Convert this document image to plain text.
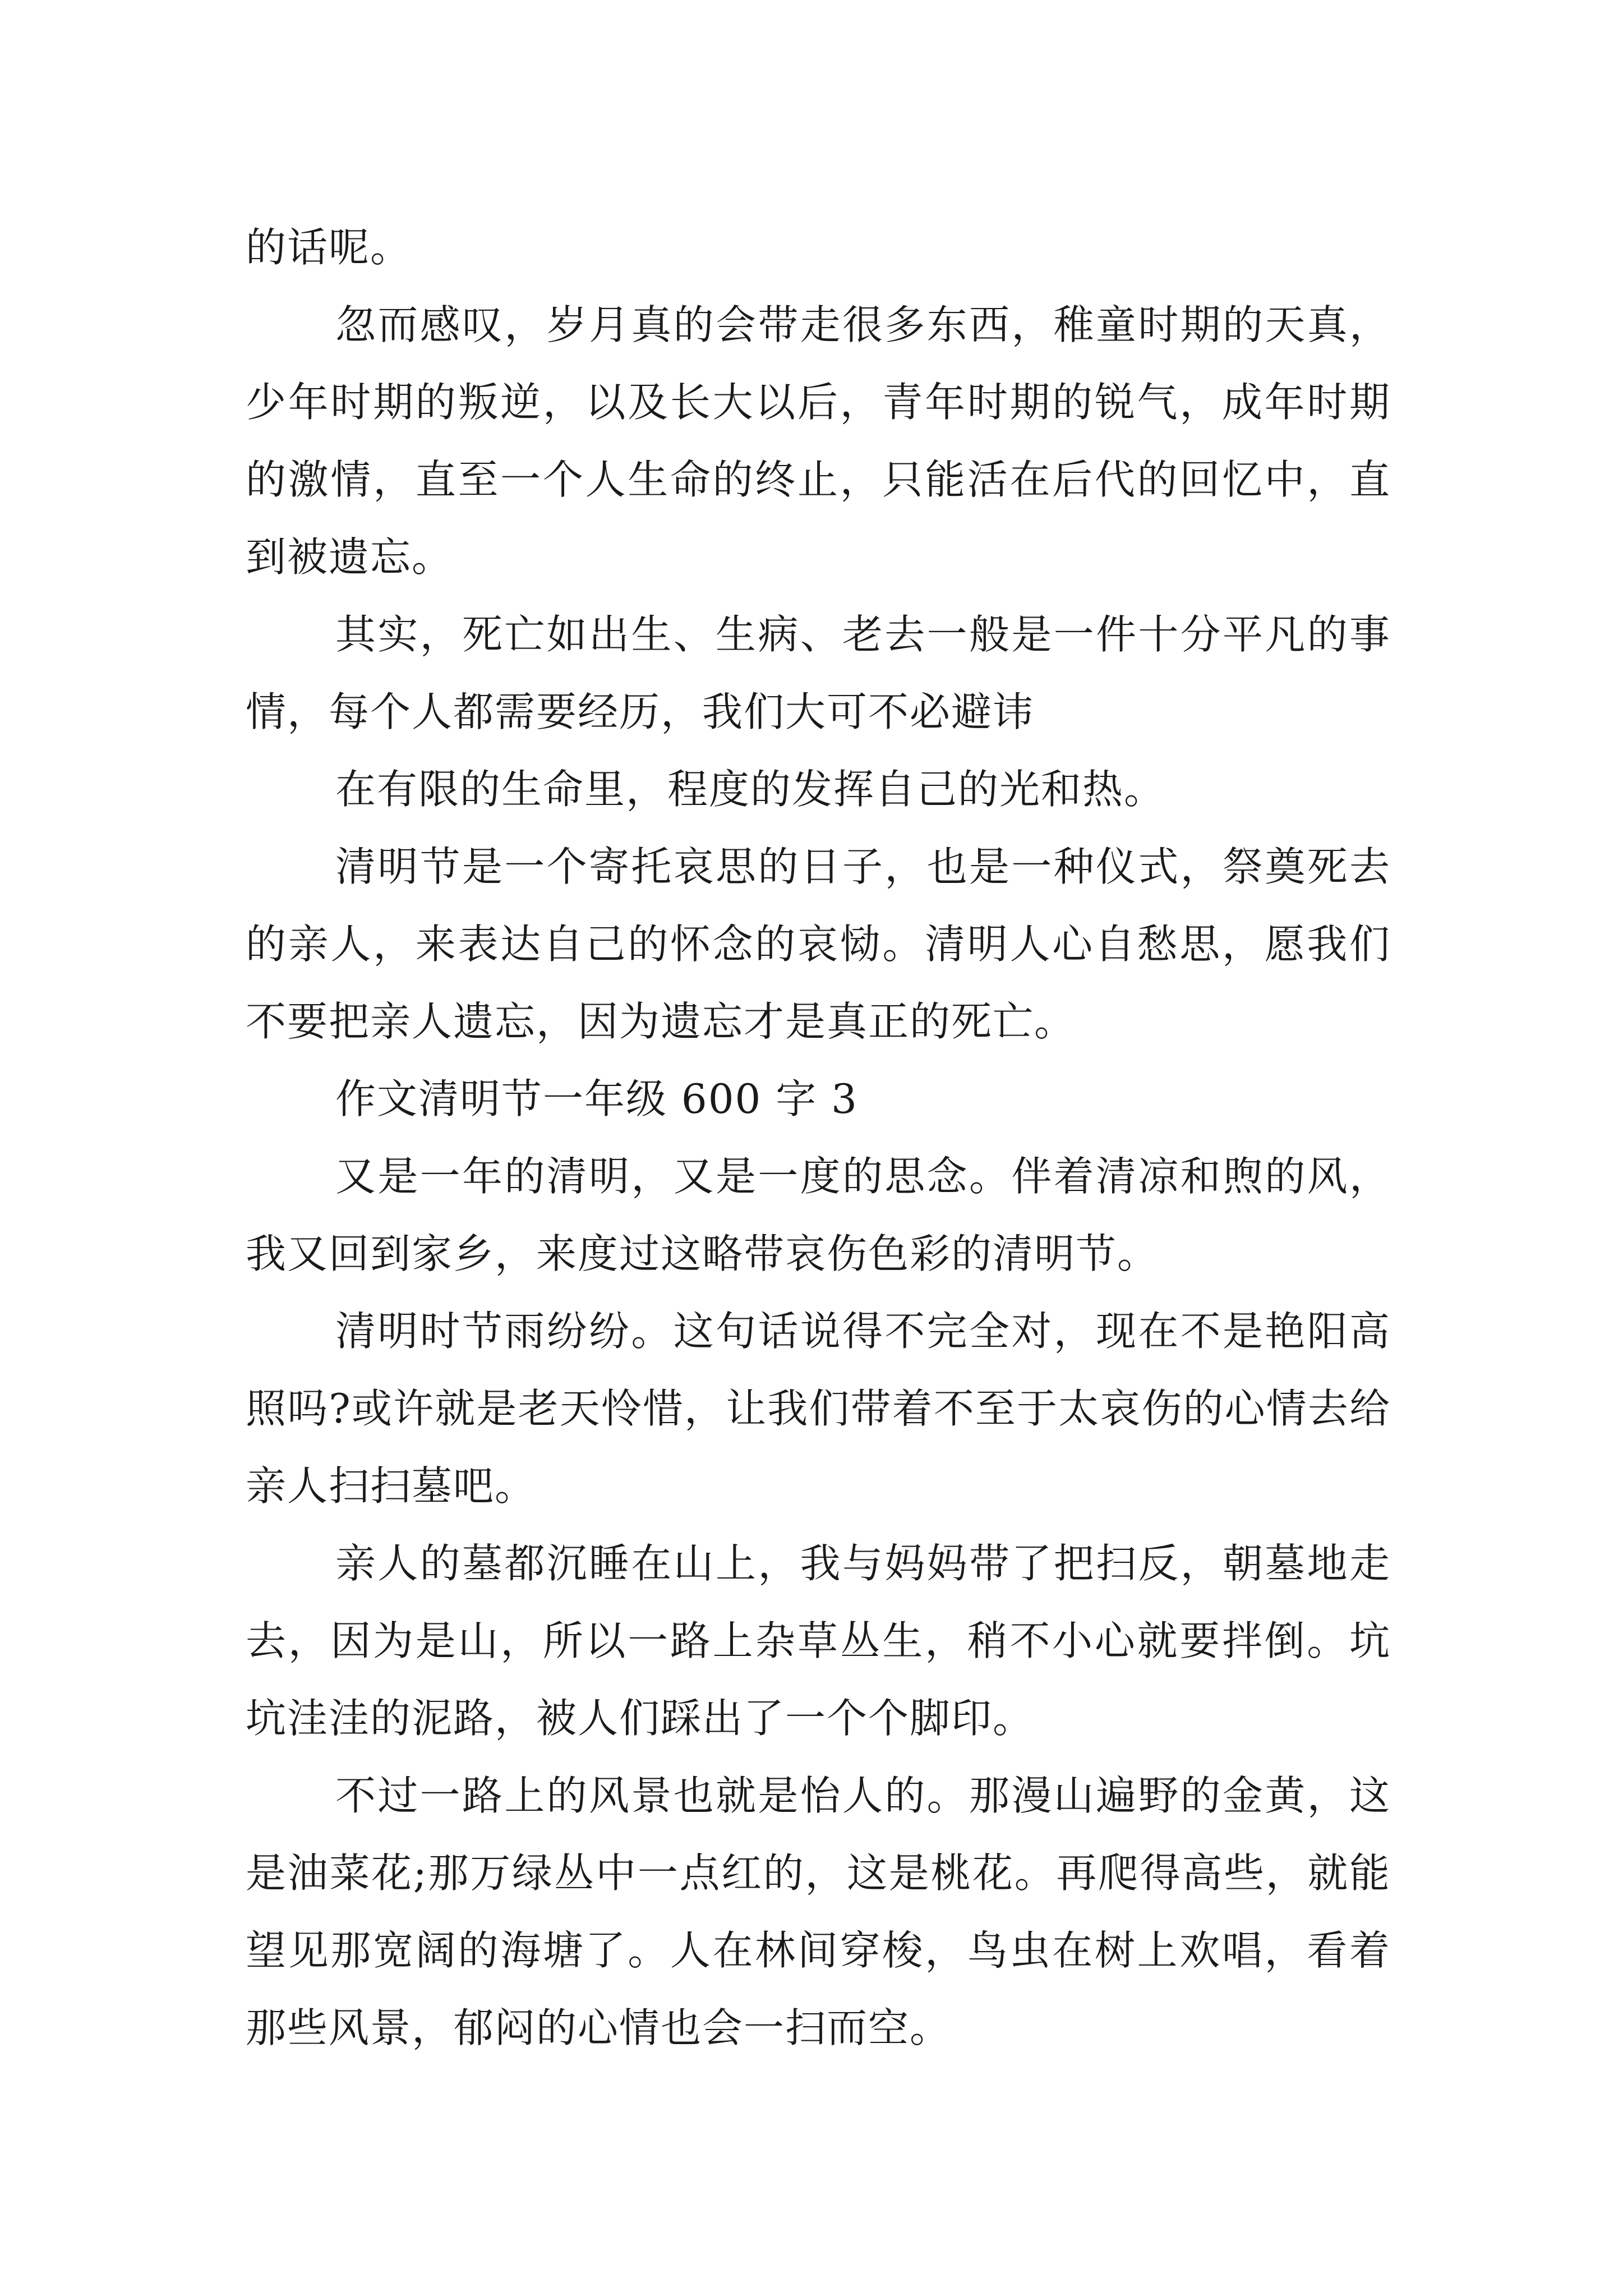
的话呢。

忽而感叹，岁月真的会带走很多东西，稚童时期的天真，少年时期的叛逆，以及长大以后，青年时期的锐气，成年时期的激情，直至一个人生命的终止，只能活在后代的回忆中，直到被遗忘。

其实，死亡如出生、生病、老去一般是一件十分平凡的事情，每个人都需要经历，我们大可不必避讳

在有限的生命里，程度的发挥自己的光和热。

清明节是一个寄托哀思的日子，也是一种仪式，祭奠死去的亲人，来表达自己的怀念的哀恸。清明人心自愁思，愿我们不要把亲人遗忘，因为遗忘才是真正的死亡。

作文清明节一年级 600 字 3

又是一年的清明，又是一度的思念。伴着清凉和煦的风，我又回到家乡，来度过这略带哀伤色彩的清明节。

清明时节雨纷纷。这句话说得不完全对，现在不是艳阳高照吗?或许就是老天怜惜，让我们带着不至于太哀伤的心情去给亲人扫扫墓吧。

亲人的墓都沉睡在山上，我与妈妈带了把扫反，朝墓地走去，因为是山，所以一路上杂草丛生，稍不小心就要拌倒。坑坑洼洼的泥路，被人们踩出了一个个脚印。

不过一路上的风景也就是怡人的。那漫山遍野的金黄，这是油菜花;那万绿丛中一点红的，这是桃花。再爬得高些，就能望见那宽阔的海塘了。人在林间穿梭，鸟虫在树上欢唱，看着那些风景，郁闷的心情也会一扫而空。
